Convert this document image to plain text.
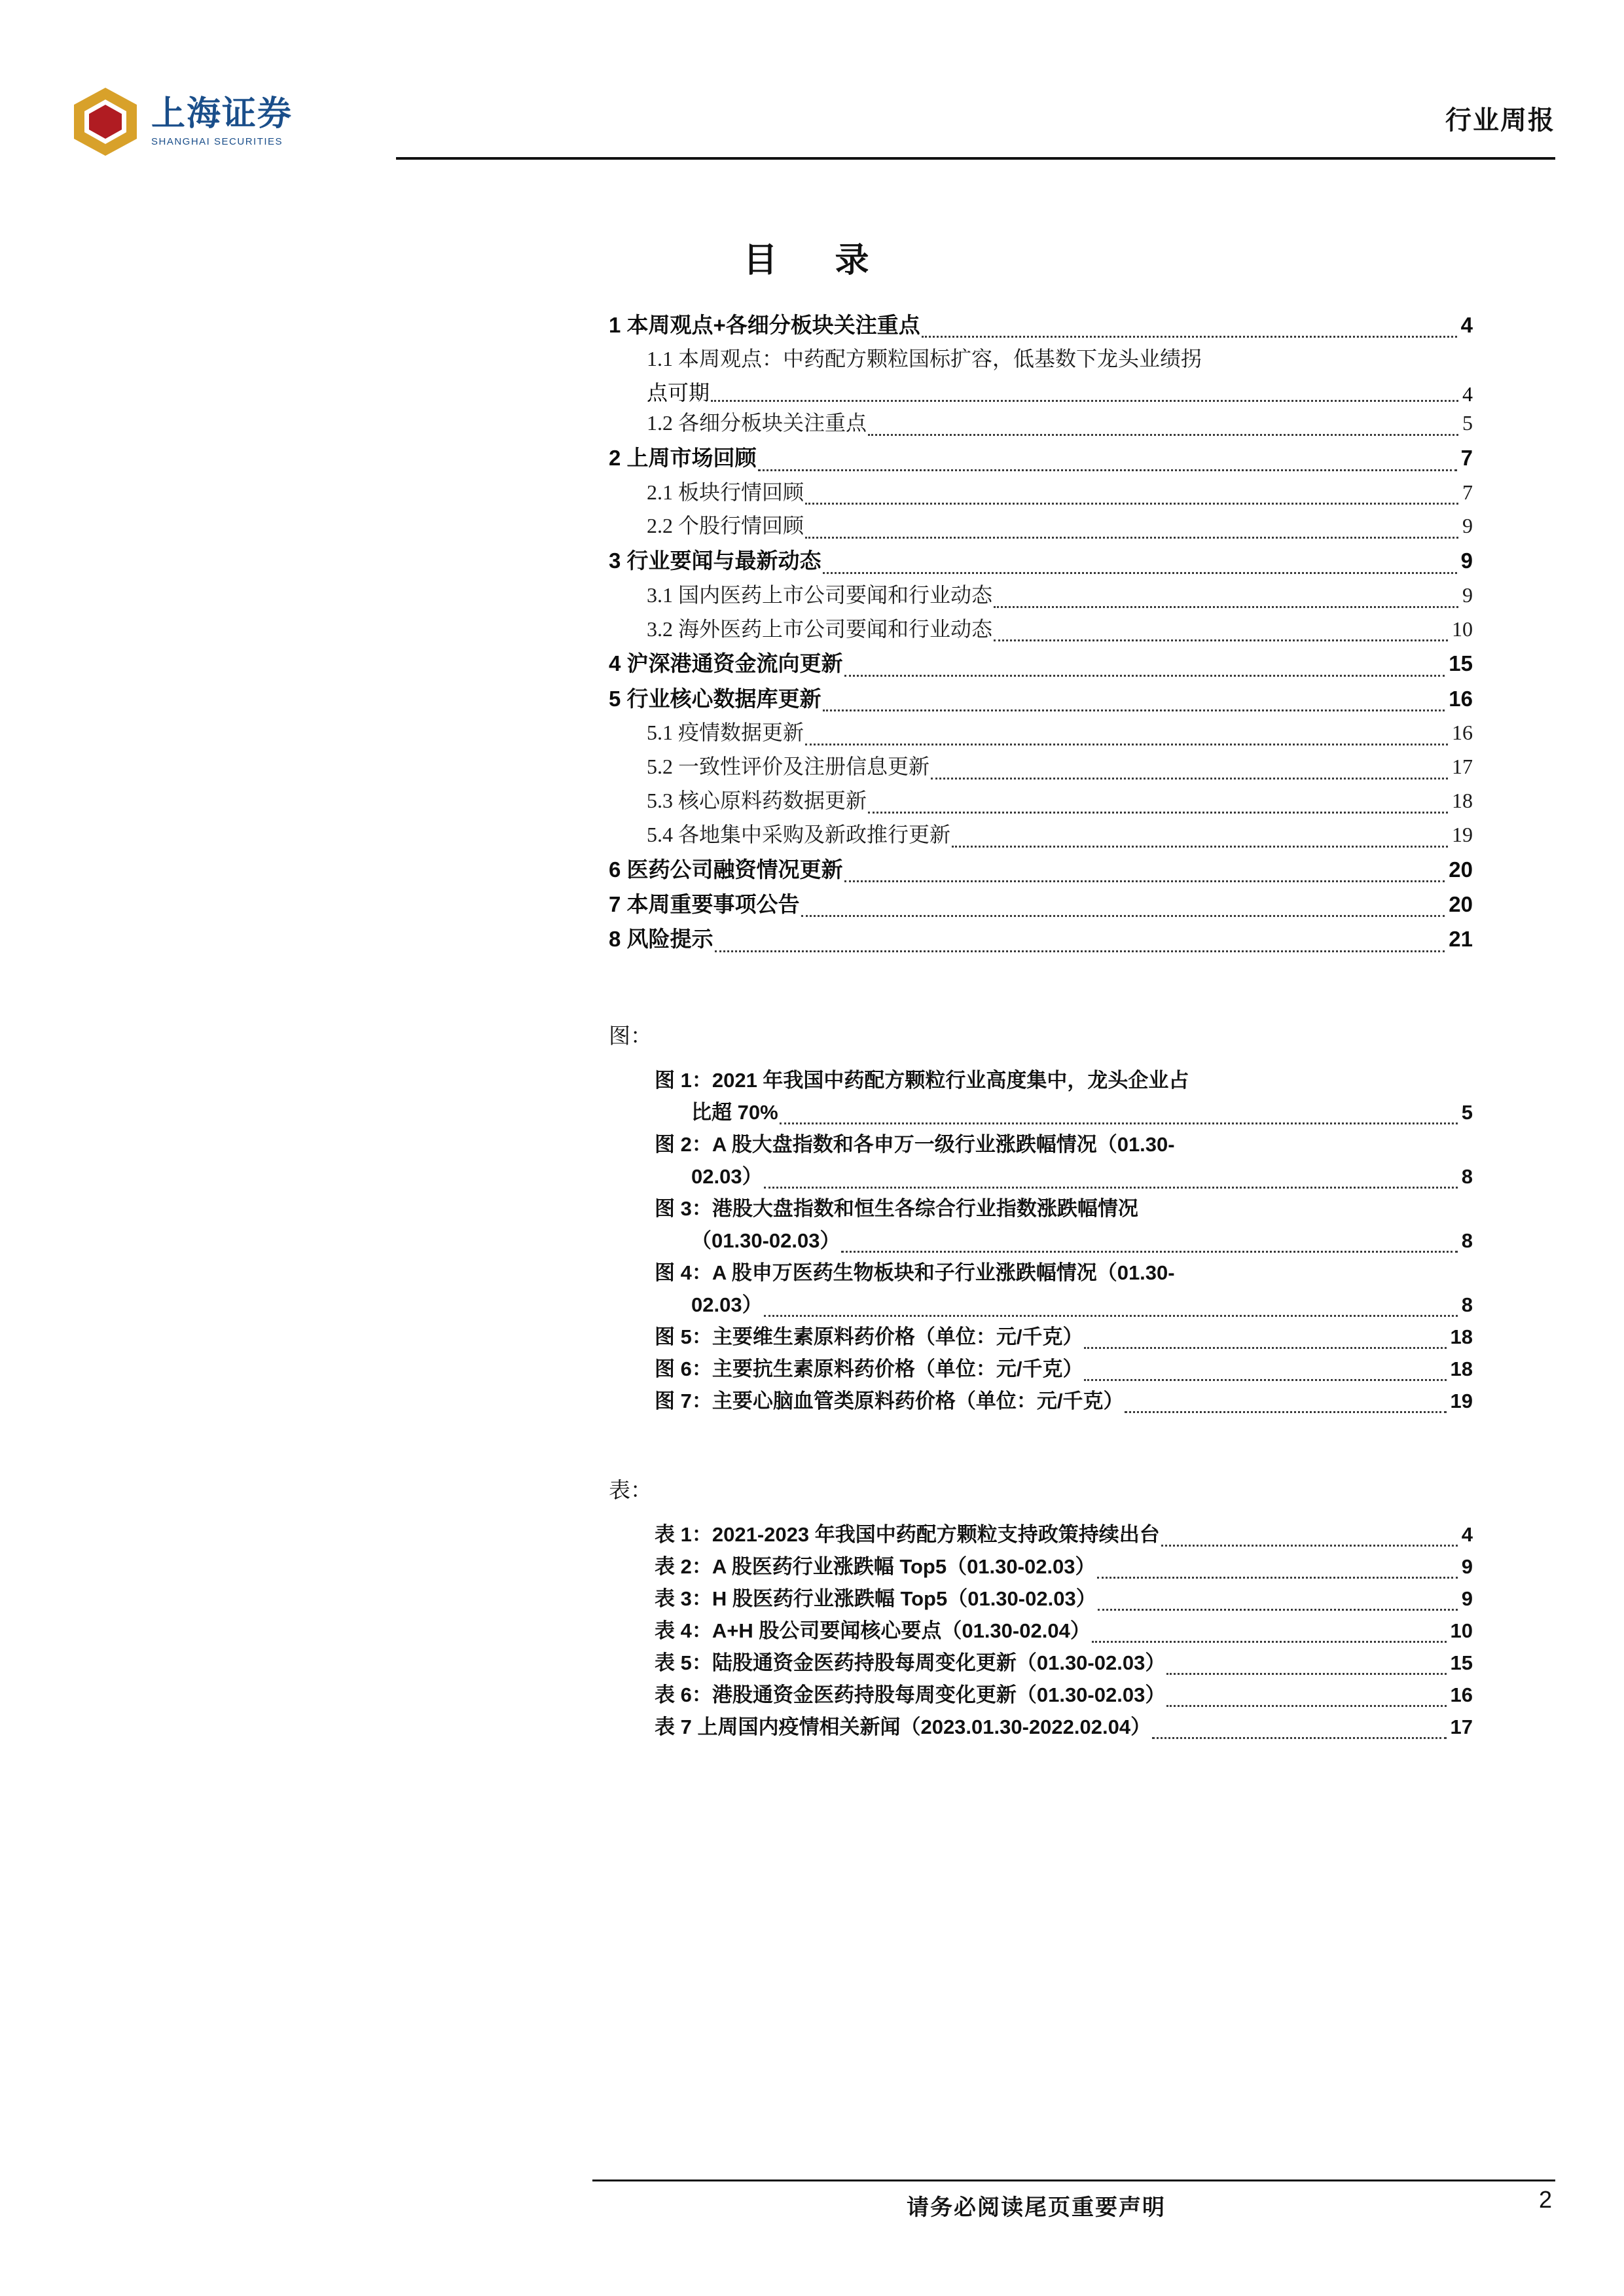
上海证券
SHANGHAI SECURITIES
行业周报
目　录
1 本周观点+各细分板块关注重点	4
1.1 本周观点：中药配方颗粒国标扩容，低基数下龙头业绩拐
点可期	4
1.2 各细分板块关注重点	5
2 上周市场回顾	7
2.1 板块行情回顾	7
2.2 个股行情回顾	9
3 行业要闻与最新动态	9
3.1 国内医药上市公司要闻和行业动态	9
3.2 海外医药上市公司要闻和行业动态	10
4 沪深港通资金流向更新	15
5 行业核心数据库更新	16
5.1 疫情数据更新	16
5.2 一致性评价及注册信息更新	17
5.3 核心原料药数据更新	18
5.4 各地集中采购及新政推行更新	19
6 医药公司融资情况更新	20
7 本周重要事项公告	20
8 风险提示	21
图：
图 1：2021 年我国中药配方颗粒行业高度集中，龙头企业占
比超 70%	5
图 2：A 股大盘指数和各申万一级行业涨跌幅情况（01.30-
02.03）	8
图 3：港股大盘指数和恒生各综合行业指数涨跌幅情况
（01.30-02.03）	8
图 4：A 股申万医药生物板块和子行业涨跌幅情况（01.30-
02.03）	8
图 5：主要维生素原料药价格（单位：元/千克）	18
图 6：主要抗生素原料药价格（单位：元/千克）	18
图 7：主要心脑血管类原料药价格（单位：元/千克）	19
表：
表 1：2021-2023 年我国中药配方颗粒支持政策持续出台	4
表 2：A 股医药行业涨跌幅 Top5（01.30-02.03）	9
表 3：H 股医药行业涨跌幅 Top5（01.30-02.03）	9
表 4：A+H 股公司要闻核心要点（01.30-02.04）	10
表 5：陆股通资金医药持股每周变化更新（01.30-02.03）	15
表 6：港股通资金医药持股每周变化更新（01.30-02.03）	16
表 7 上周国内疫情相关新闻（2023.01.30-2022.02.04）	17
请务必阅读尾页重要声明	2
